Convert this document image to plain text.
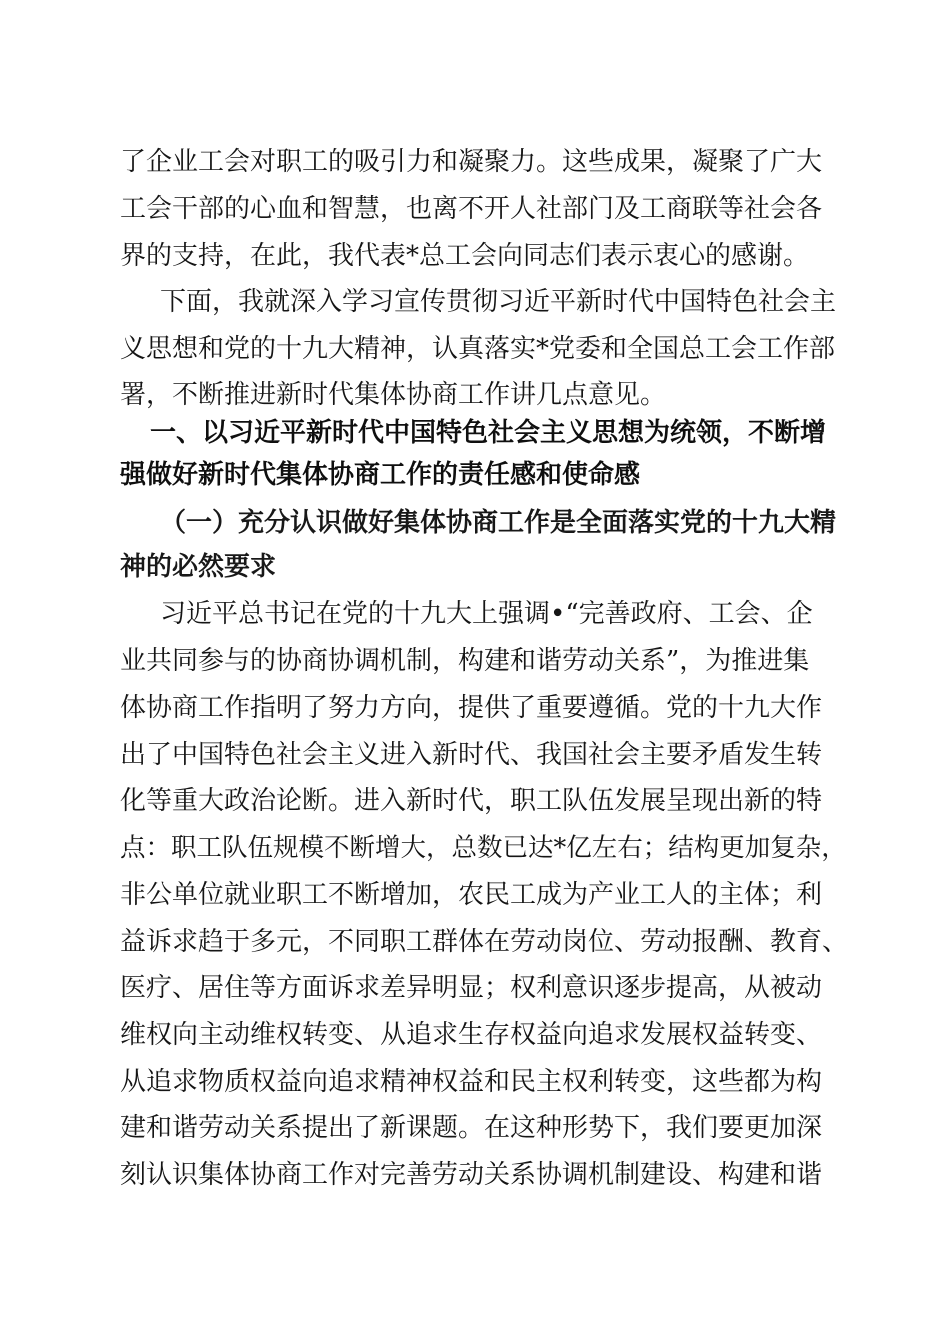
了企业工会对职工的吸引力和凝聚力。这些成果，凝聚了广大
工会干部的心血和智慧，也离不开人社部门及工商联等社会各
界的支持，在此，我代表*总工会向同志们表示衷心的感谢。
下面，我就深入学习宣传贯彻习近平新时代中国特色社会主
义思想和党的十九大精神，认真落实*党委和全国总工会工作部
署，不断推进新时代集体协商工作讲几点意见。
一、以习近平新时代中国特色社会主义思想为统领，不断增
强做好新时代集体协商工作的责任感和使命感
（一）充分认识做好集体协商工作是全面落实党的十九大精
神的必然要求
习近平总书记在党的十九大上强调•“完善政府、工会、企
业共同参与的协商协调机制，构建和谐劳动关系”，为推进集
体协商工作指明了努力方向，提供了重要遵循。党的十九大作
出了中国特色社会主义进入新时代、我国社会主要矛盾发生转
化等重大政治论断。进入新时代，职工队伍发展呈现出新的特
点：职工队伍规模不断增大，总数已达*亿左右；结构更加复杂，
非公单位就业职工不断增加，农民工成为产业工人的主体；利
益诉求趋于多元，不同职工群体在劳动岗位、劳动报酬、教育、
医疗、居住等方面诉求差异明显；权利意识逐步提高，从被动
维权向主动维权转变、从追求生存权益向追求发展权益转变、
从追求物质权益向追求精神权益和民主权利转变，这些都为构
建和谐劳动关系提出了新课题。在这种形势下，我们要更加深
刻认识集体协商工作对完善劳动关系协调机制建设、构建和谐
